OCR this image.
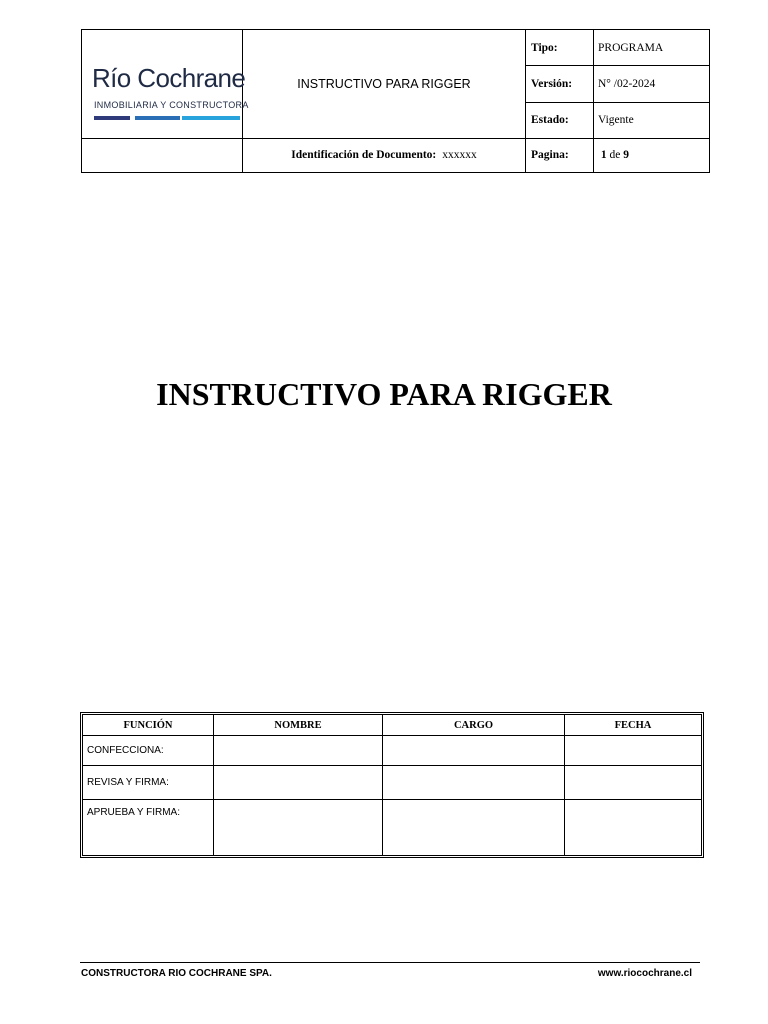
Río Cochrane
INMOBILIARIA Y CONSTRUCTORA	INSTRUCTIVO PARA RIGGER	Tipo:	PROGRAMA
		Versión:	N° /02-2024
		Estado:	Vigente
	Identificación de Documento: xxxxxx	Pagina:	1 de 9
INSTRUCTIVO PARA RIGGER
FUNCIÓN	NOMBRE	CARGO	FECHA
CONFECCIONA:			
REVISA Y FIRMA:			
APRUEBA Y FIRMA:			
CONSTRUCTORA RIO COCHRANE SPA.	www.riocochrane.cl
